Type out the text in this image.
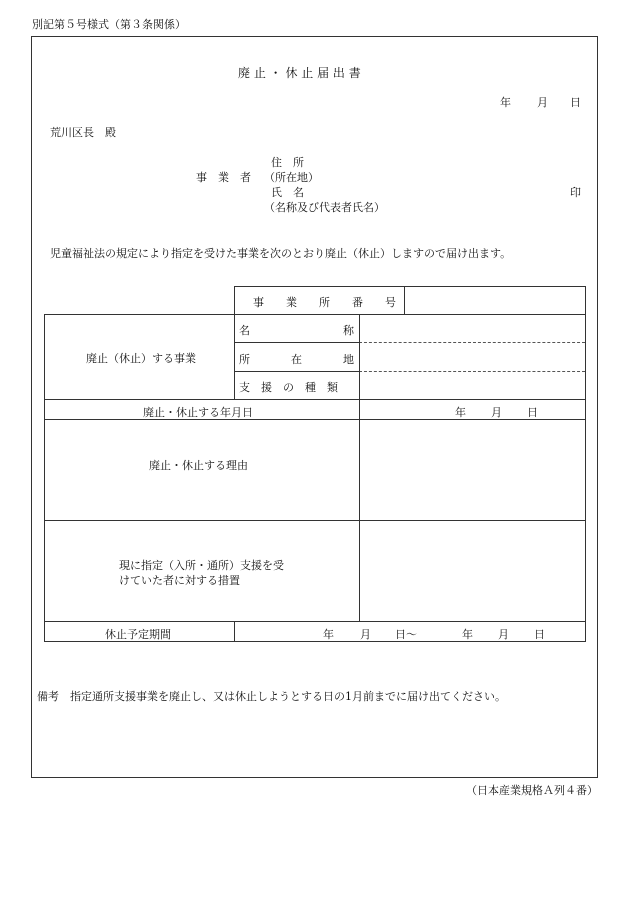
別記第５号様式（第３条関係）
廃 止 ・ 休 止 届 出 書
年 月 日
荒川区長　殿
住　所
事　業　者 （所在地）
氏　名	印
（名称及び代表者氏名）
児童福祉法の規定により指定を受けた事業を次のとおり廃止（休止）しますので届け出ます。
事　　業　　所　　番　　号
廃止（休止）する事業
名	称
所	在	地
支　援　の　種　類
廃止・休止する年月日	年 月 日
廃止・休止する理由
現に指定（入所・通所）支援を受
けていた者に対する措置
休止予定期間	年 月 日～	年 月 日
備考　指定通所支援事業を廃止し、又は休止しようとする日の1月前までに届け出てください。
（日本産業規格Ａ列４番）
